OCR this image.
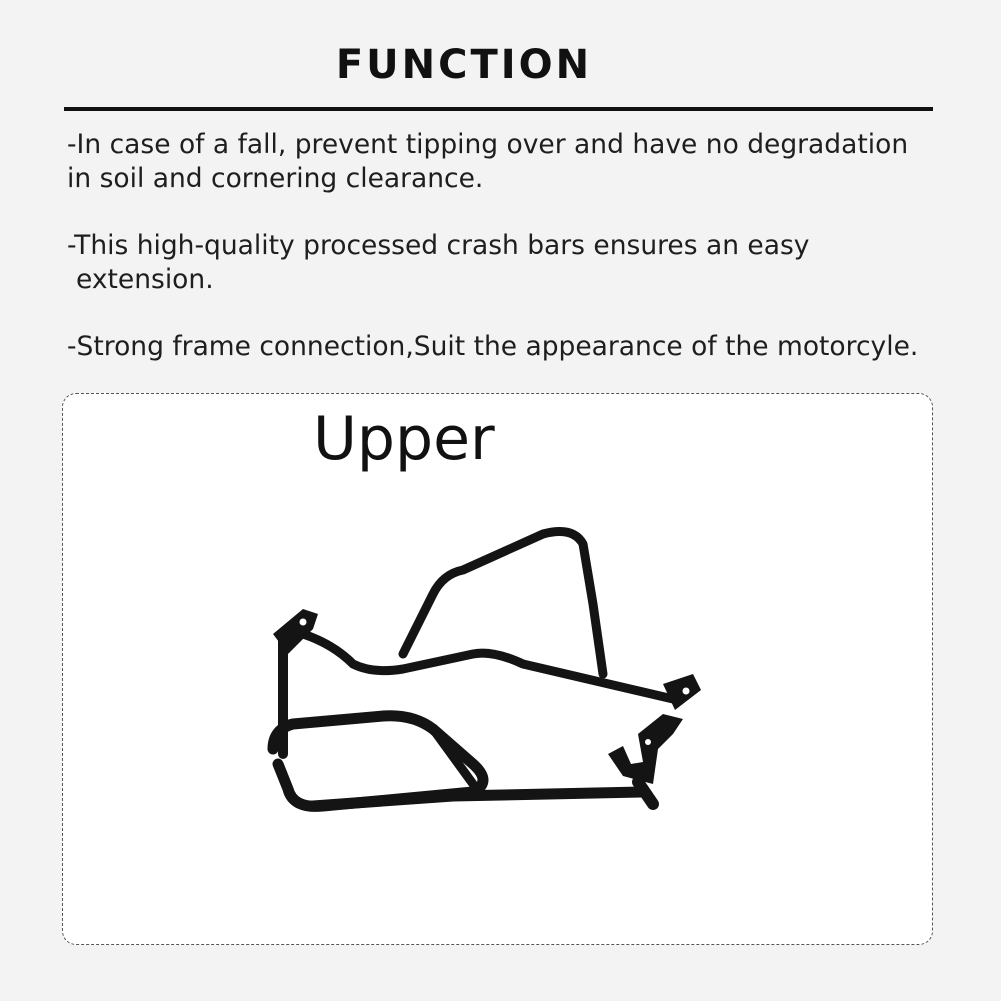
FUNCTION
-In case of a fall, prevent tipping over and have no degradation
in soil and cornering clearance.
-This high-quality processed crash bars ensures an easy
extension.
-Strong frame connection,Suit the appearance of the motorcyle.
Upper
